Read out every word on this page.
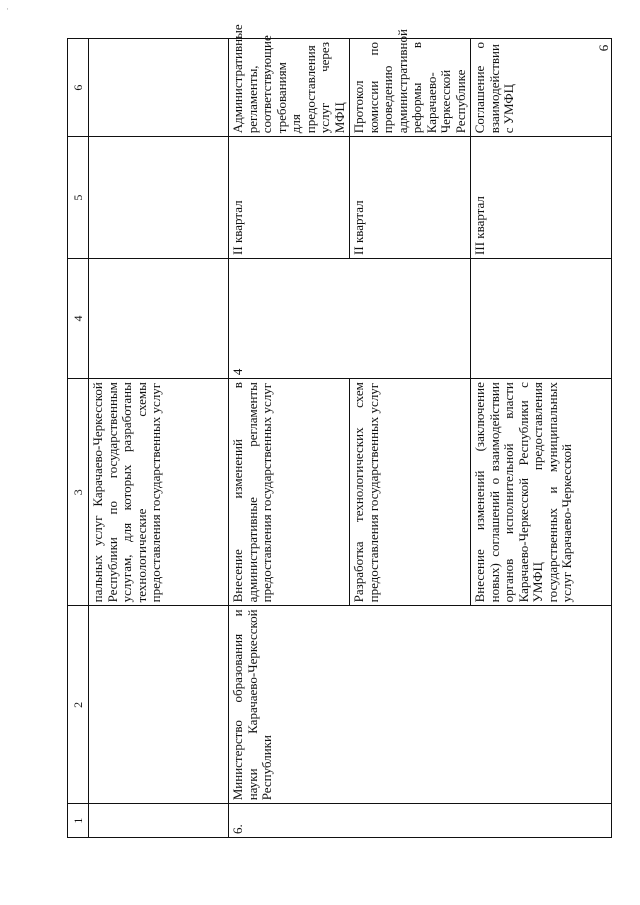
·
9
1	2	3	4	5	6
		пальных услуг Карачаево-Черкесской Республики по государственным услугам, для которых разработаны технологические схемы предоставления государственных услуг			
6.	Министерство образования и науки Карачаево-Черкесской Республики	Внесение изменений в административные регламенты предоставления государственных услуг	4	II квартал	Административные регламенты, соответствующие требованиям для предоставления услуг через МФЦ
		Разработка технологических схем предоставления государственных услуг		II квартал	Протокол комиссии по проведению административной реформы в Карачаево-Черкесской Республике
		Внесение изменений (заключение новых) соглашений о взаимодействии органов исполнительной власти Карачаево-Черкесской Республики с УМФЦ предоставления государственных и муниципальных услуг Карачаево-Черкесской		III квартал	Соглашение о взаимодействии с УМФЦ
